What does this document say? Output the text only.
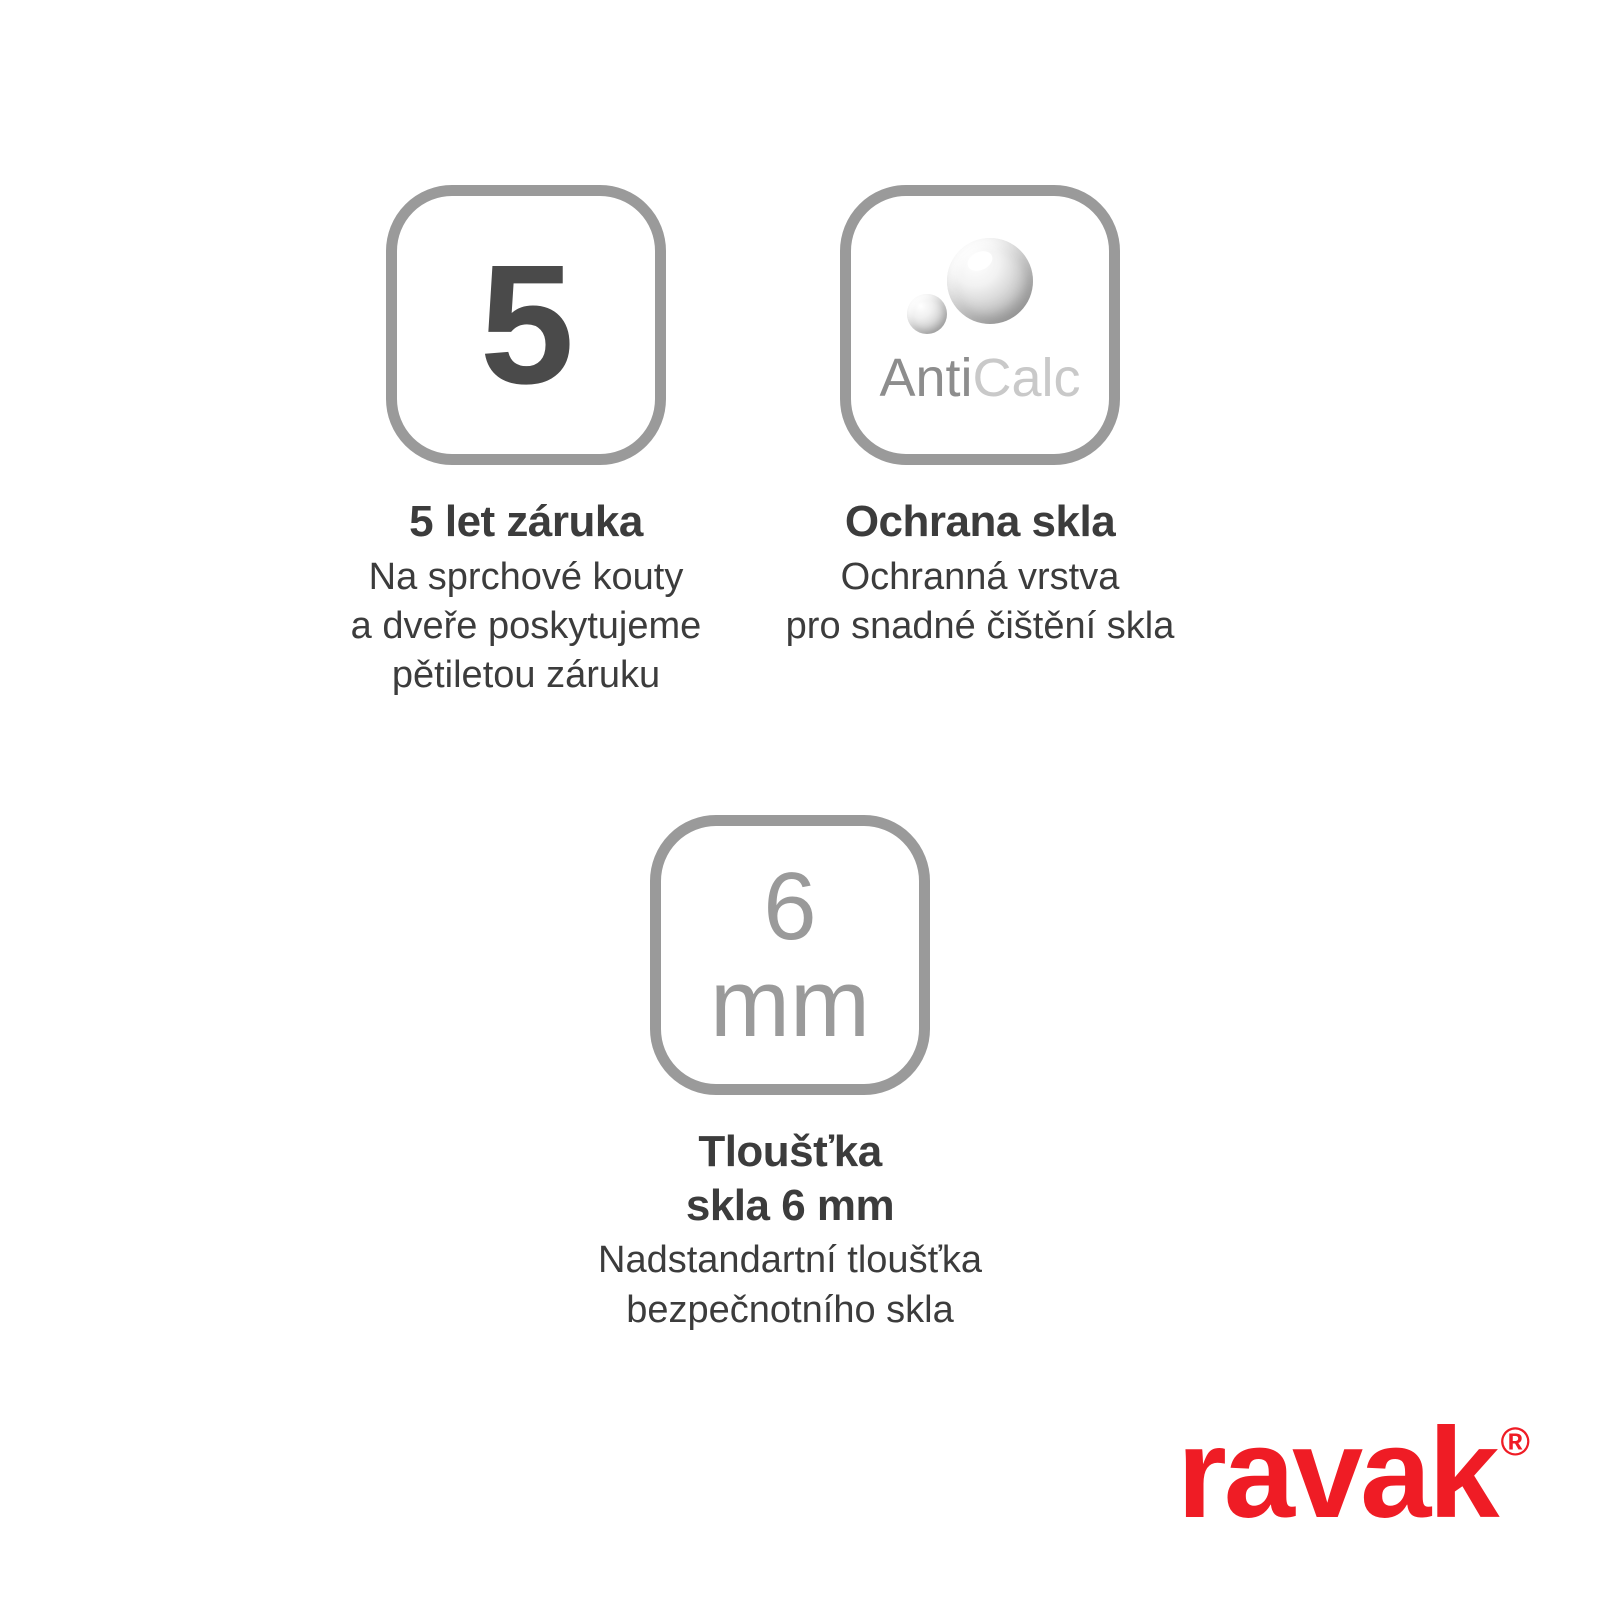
5
5 let záruka
Na sprchové kouty
a dveře poskytujeme
pětiletou záruku
AntiCalc
Ochrana skla
Ochranná vrstva
pro snadné čištění skla
6
mm
Tloušťka
skla 6 mm
Nadstandartní tloušťka
bezpečnotního skla
ravak ®
